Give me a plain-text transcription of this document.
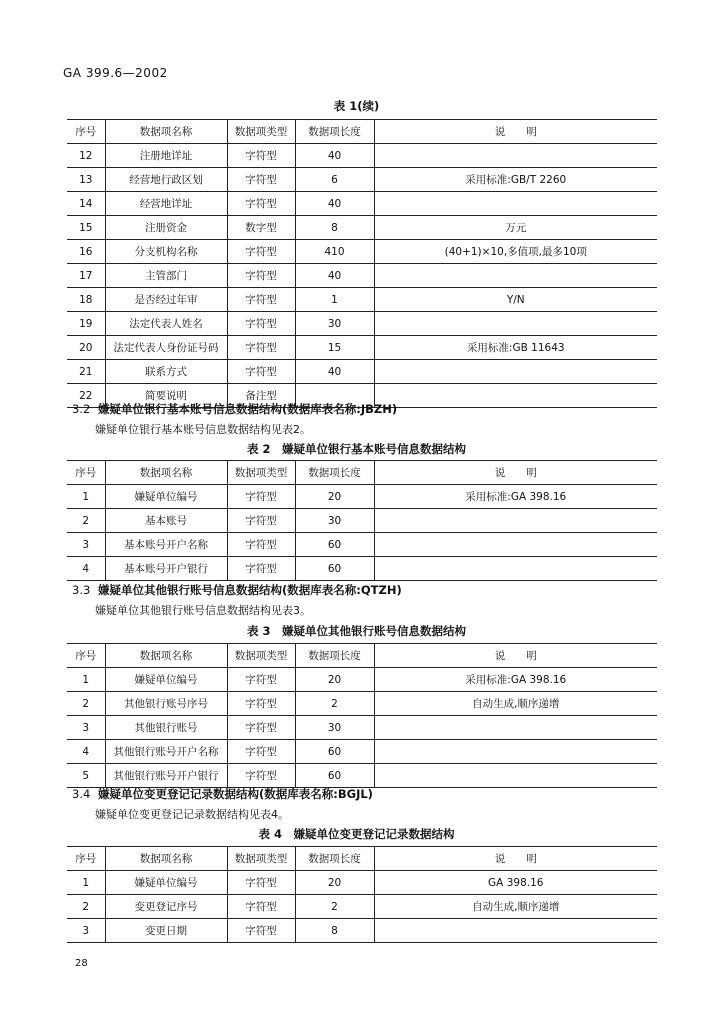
GA 399.6—2002
表 1(续)
序号	数据项名称	数据项类型	数据项长度	说　　明
12	注册地详址	字符型	40	
13	经营地行政区划	字符型	6	采用标准:GB/T 2260
14	经营地详址	字符型	40	
15	注册资金	数字型	8	万元
16	分支机构名称	字符型	410	(40+1)×10,多值项,最多10项
17	主管部门	字符型	40	
18	是否经过年审	字符型	1	Y/N
19	法定代表人姓名	字符型	30	
20	法定代表人身份证号码	字符型	15	采用标准:GB 11643
21	联系方式	字符型	40	
22	简要说明	备注型		
3.2 嫌疑单位银行基本账号信息数据结构(数据库表名称:JBZH)
嫌疑单位银行基本账号信息数据结构见表2。
表 2　嫌疑单位银行基本账号信息数据结构
序号	数据项名称	数据项类型	数据项长度	说　　明
1	嫌疑单位编号	字符型	20	采用标准:GA 398.16
2	基本账号	字符型	30	
3	基本账号开户名称	字符型	60	
4	基本账号开户银行	字符型	60	
3.3 嫌疑单位其他银行账号信息数据结构(数据库表名称:QTZH)
嫌疑单位其他银行账号信息数据结构见表3。
表 3　嫌疑单位其他银行账号信息数据结构
序号	数据项名称	数据项类型	数据项长度	说　　明
1	嫌疑单位编号	字符型	20	采用标准:GA 398.16
2	其他银行账号序号	字符型	2	自动生成,顺序递增
3	其他银行账号	字符型	30	
4	其他银行账号开户名称	字符型	60	
5	其他银行账号开户银行	字符型	60	
3.4 嫌疑单位变更登记记录数据结构(数据库表名称:BGJL)
嫌疑单位变更登记记录数据结构见表4。
表 4　嫌疑单位变更登记记录数据结构
序号	数据项名称	数据项类型	数据项长度	说　　明
1	嫌疑单位编号	字符型	20	GA 398.16
2	变更登记序号	字符型	2	自动生成,顺序递增
3	变更日期	字符型	8	
28
